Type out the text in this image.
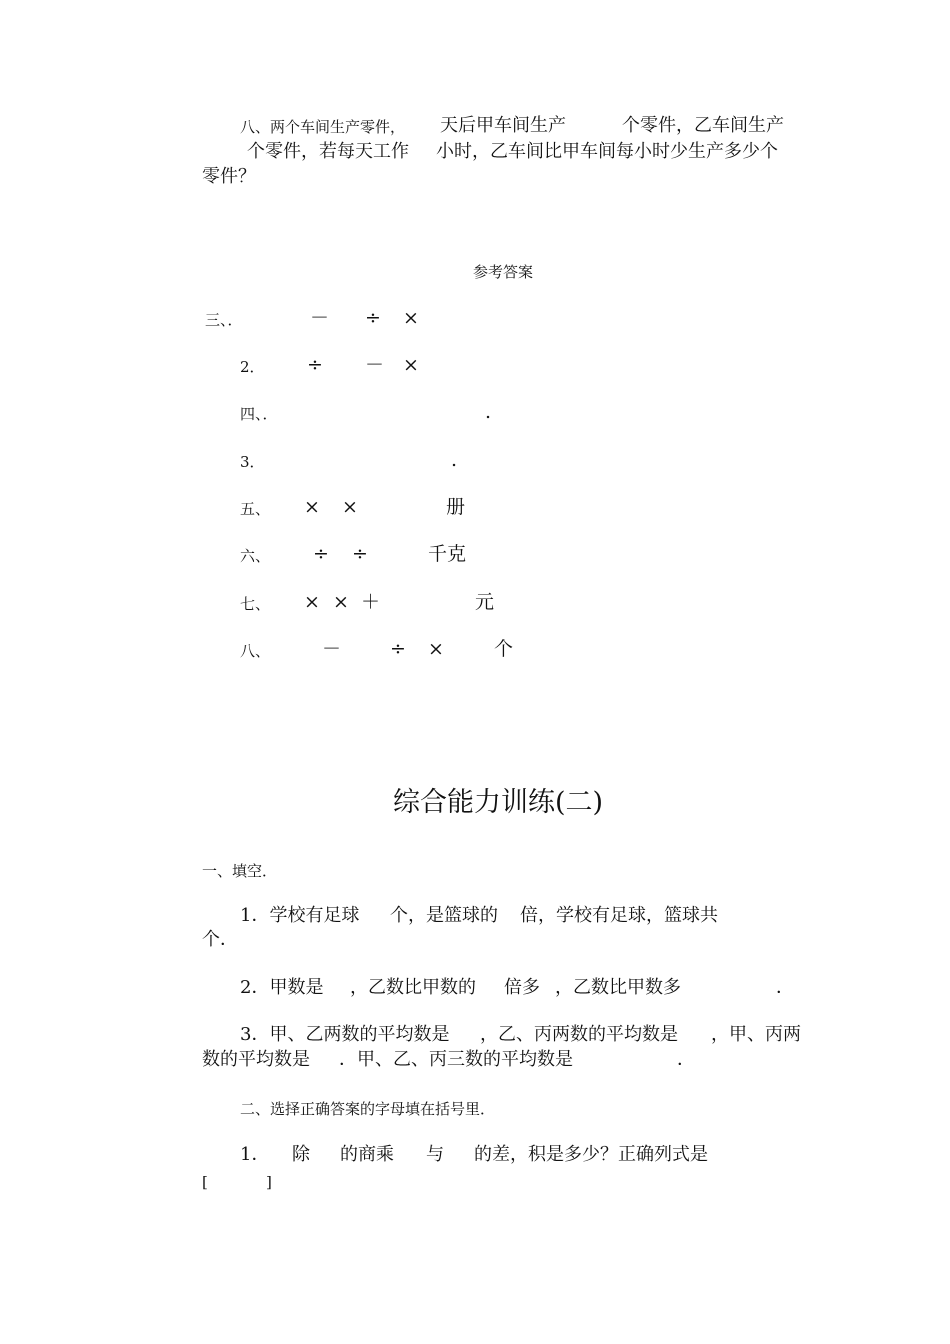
八、两个车间生产零件， 天后甲车间生产	个零件，乙车间生产
个零件，若每天工作 小时，乙车间比甲车间每小时少生产多少个
零件？
参考答案
三、．	－ ÷ ×
2． ÷ － ×
四、．	.
3．	.
五、 × ×	册
六、 ÷ ÷	千克
七、 × × ＋	元
八、	－	÷ ×	个
综合能力训练(二)
一、填空．
1．学校有足球 个，是篮球的 倍，学校有足球，篮球共
个．
2．甲数是 ，乙数比甲数的 倍多 ，乙数比甲数多	．
3．甲、乙两数的平均数是 ，乙、丙两数的平均数是 ，甲、丙两
数的平均数是 ．甲、乙、丙三数的平均数是	．
二、选择正确答案的字母填在括号里．
1． 除 的商乘 与 的差，积是多少？正确列式是
[	]
